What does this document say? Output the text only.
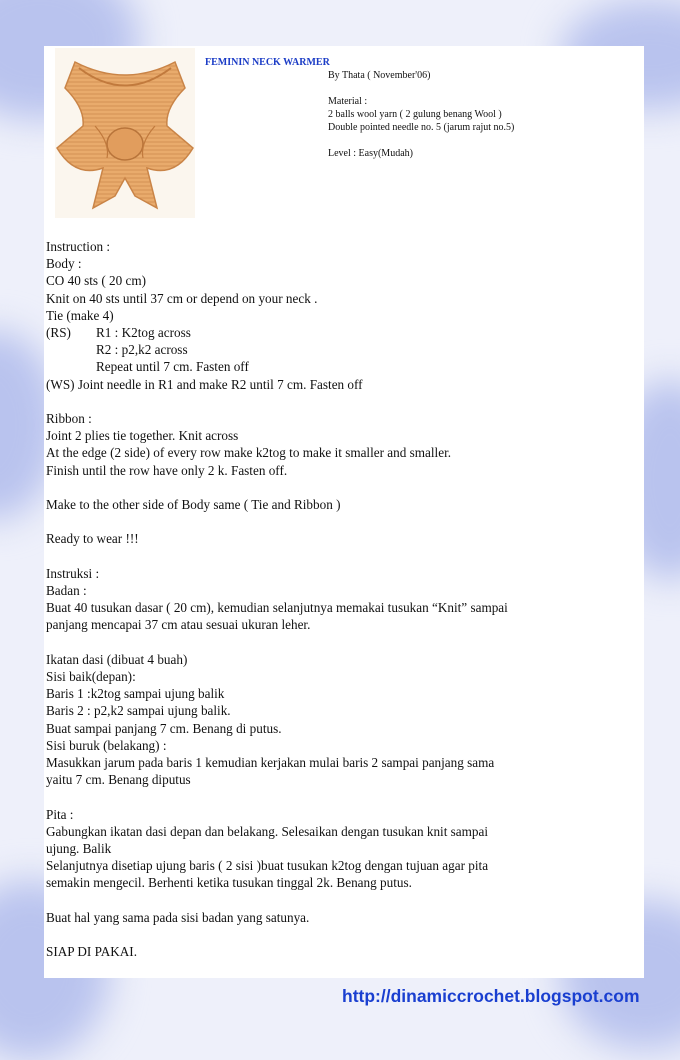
FEMININ NECK WARMER
By Thata ( November'06)
Material :
2 balls wool yarn ( 2 gulung benang Wool )
Double pointed needle no. 5 (jarum rajut no.5)
Level : Easy(Mudah)
Instruction :
Body :
CO 40 sts ( 20 cm)
Knit on 40 sts until 37 cm or depend on your neck .
Tie (make 4)
(RS) R1 : K2tog across
R2 : p2,k2 across
Repeat until 7 cm. Fasten off
(WS) Joint needle in R1 and make R2 until 7 cm. Fasten off
Ribbon :
Joint 2 plies tie together. Knit across
At the edge (2 side) of every row make k2tog to make it smaller and smaller.
Finish until the row have only 2 k. Fasten off.
Make to the other side of Body same ( Tie and Ribbon )
Ready to wear !!!
Instruksi :
Badan :
Buat 40 tusukan dasar ( 20 cm), kemudian selanjutnya memakai tusukan “Knit” sampai
panjang mencapai 37 cm atau sesuai ukuran leher.
Ikatan dasi (dibuat 4 buah)
Sisi baik(depan):
Baris 1 :k2tog sampai ujung balik
Baris 2 : p2,k2 sampai ujung balik.
Buat sampai panjang 7 cm. Benang di putus.
Sisi buruk (belakang) :
Masukkan jarum pada baris 1 kemudian kerjakan mulai baris 2 sampai panjang sama
yaitu 7 cm. Benang diputus
Pita :
Gabungkan ikatan dasi depan dan belakang. Selesaikan dengan tusukan knit sampai
ujung. Balik
Selanjutnya disetiap ujung baris ( 2 sisi )buat tusukan k2tog dengan tujuan agar pita
semakin mengecil. Berhenti ketika tusukan tinggal 2k. Benang putus.
Buat hal yang sama pada sisi badan yang satunya.
SIAP DI PAKAI.
http://dinamiccrochet.blogspot.com
